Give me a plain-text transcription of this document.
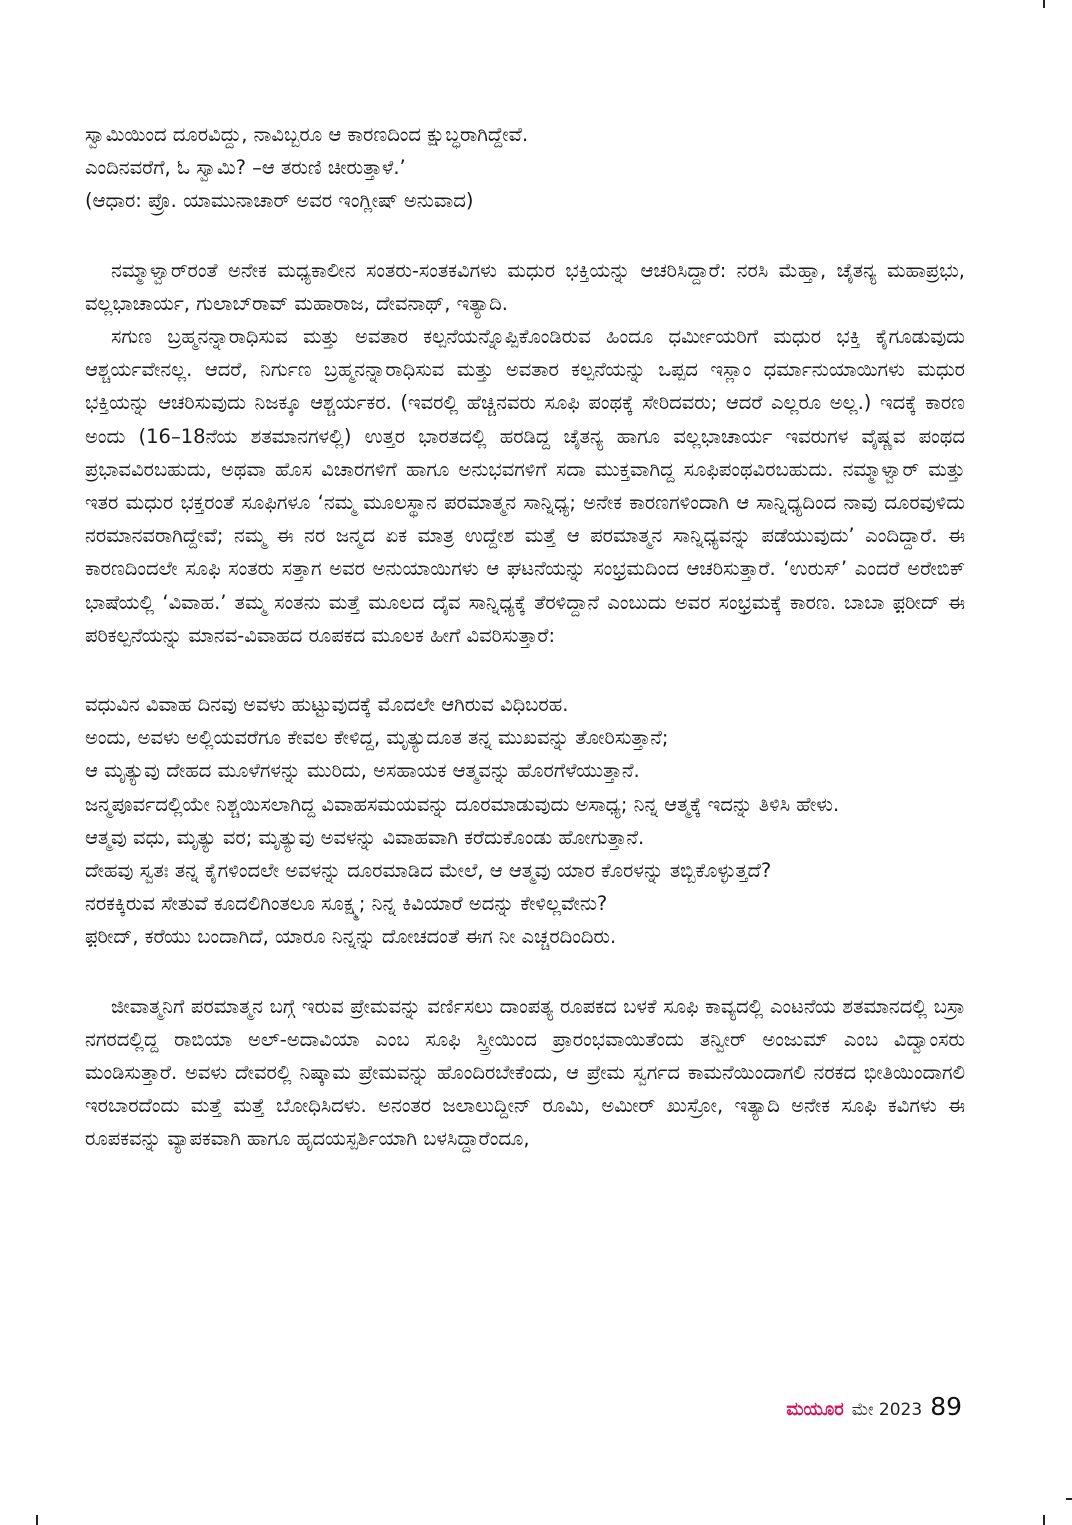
ಸ್ವಾಮಿಯಿಂದ ದೂರವಿದ್ದು, ನಾವಿಬ್ಬರೂ ಆ ಕಾರಣದಿಂದ ಕ್ಷುಬ್ಧರಾಗಿದ್ದೇವೆ.

ಎಂದಿನವರೆಗೆ, ಓ ಸ್ವಾಮಿ? –ಆ ತರುಣಿ ಚೀರುತ್ತಾಳೆ.’

(ಆಧಾರ: ಪ್ರೊ. ಯಾಮುನಾಚಾರ್ ಅವರ ಇಂಗ್ಲೀಷ್ ಅನುವಾದ)

ನಮ್ಮಾಳ್ವಾರ್‌ರಂತೆ ಅನೇಕ ಮಧ್ಯಕಾಲೀನ ಸಂತರು-ಸಂತಕವಿಗಳು ಮಧುರ ಭಕ್ತಿಯನ್ನು ಆಚರಿಸಿದ್ದಾರೆ: ನರಸಿ ಮೆಹ್ತಾ, ಚೈತನ್ಯ ಮಹಾಪ್ರಭು, ವಲ್ಲಭಾಚಾರ್ಯ, ಗುಲಾಬ್‌ರಾವ್ ಮಹಾರಾಜ, ದೇವನಾಥ್, ಇತ್ಯಾದಿ.

ಸಗುಣ ಬ್ರಹ್ಮನನ್ನಾರಾಧಿಸುವ ಮತ್ತು ಅವತಾರ ಕಲ್ಪನೆಯನ್ನೊಪ್ಪಿಕೊಂಡಿರುವ ಹಿಂದೂ ಧರ್ಮೀಯರಿಗೆ ಮಧುರ ಭಕ್ತಿ ಕೈಗೂಡುವುದು ಆಶ್ಚರ್ಯವೇನಲ್ಲ. ಆದರೆ, ನಿರ್ಗುಣ ಬ್ರಹ್ಮನನ್ನಾರಾಧಿಸುವ ಮತ್ತು ಅವತಾರ ಕಲ್ಪನೆಯನ್ನು ಒಪ್ಪದ ಇಸ್ಲಾಂ ಧರ್ಮಾನುಯಾಯಿಗಳು ಮಧುರ ಭಕ್ತಿಯನ್ನು ಆಚರಿಸುವುದು ನಿಜಕ್ಕೂ ಆಶ್ಚರ್ಯಕರ. (ಇವರಲ್ಲಿ ಹೆಚ್ಚಿನವರು ಸೂಫಿ ಪಂಥಕ್ಕೆ ಸೇರಿದವರು; ಆದರೆ ಎಲ್ಲರೂ ಅಲ್ಲ.) ಇದಕ್ಕೆ ಕಾರಣ ಅಂದು (16–18ನೆಯ ಶತಮಾನಗಳಲ್ಲಿ) ಉತ್ತರ ಭಾರತದಲ್ಲಿ ಹರಡಿದ್ದ ಚೈತನ್ಯ ಹಾಗೂ ವಲ್ಲಭಾಚಾರ್ಯ ಇವರುಗಳ ವೈಷ್ಣವ ಪಂಥದ ಪ್ರಭಾವವಿರಬಹುದು, ಅಥವಾ ಹೊಸ ವಿಚಾರಗಳಿಗೆ ಹಾಗೂ ಅನುಭವಗಳಿಗೆ ಸದಾ ಮುಕ್ತವಾಗಿದ್ದ ಸೂಫಿಪಂಥವಿರಬಹುದು. ನಮ್ಮಾಳ್ವಾರ್ ಮತ್ತು ಇತರ ಮಧುರ ಭಕ್ತರಂತೆ ಸೂಫಿಗಳೂ ‘ನಮ್ಮ ಮೂಲಸ್ಥಾನ ಪರಮಾತ್ಮನ ಸಾನ್ನಿಧ್ಯ; ಅನೇಕ ಕಾರಣಗಳಿಂದಾಗಿ ಆ ಸಾನ್ನಿಧ್ಯದಿಂದ ನಾವು ದೂರವುಳಿದು ನರಮಾನವರಾಗಿದ್ದೇವೆ; ನಮ್ಮ ಈ ನರ ಜನ್ಮದ ಏಕ ಮಾತ್ರ ಉದ್ದೇಶ ಮತ್ತೆ ಆ ಪರಮಾತ್ಮನ ಸಾನ್ನಿಧ್ಯವನ್ನು ಪಡೆಯುವುದು’ ಎಂದಿದ್ದಾರೆ. ಈ ಕಾರಣದಿಂದಲೇ ಸೂಫಿ ಸಂತರು ಸತ್ತಾಗ ಅವರ ಅನುಯಾಯಿಗಳು ಆ ಘಟನೆಯನ್ನು ಸಂಭ್ರಮದಿಂದ ಆಚರಿಸುತ್ತಾರೆ. ‘ಉರುಸ್’ ಎಂದರೆ ಅರೇಬಿಕ್ ಭಾಷೆಯಲ್ಲಿ ‘ವಿವಾಹ.’ ತಮ್ಮ ಸಂತನು ಮತ್ತೆ ಮೂಲದ ದೈವ ಸಾನ್ನಿಧ್ಯಕ್ಕೆ ತೆರಳಿದ್ದಾನೆ ಎಂಬುದು ಅವರ ಸಂಭ್ರಮಕ್ಕೆ ಕಾರಣ. ಬಾಬಾ ಫ಼ರೀದ್ ಈ ಪರಿಕಲ್ಪನೆಯನ್ನು ಮಾನವ-ವಿವಾಹದ ರೂಪಕದ ಮೂಲಕ ಹೀಗೆ ವಿವರಿಸುತ್ತಾರೆ:

ವಧುವಿನ ವಿವಾಹ ದಿನವು ಅವಳು ಹುಟ್ಟುವುದಕ್ಕೆ ಮೊದಲೇ ಆಗಿರುವ ವಿಧಿಬರಹ.

ಅಂದು, ಅವಳು ಅಲ್ಲಿಯವರೆಗೂ ಕೇವಲ ಕೇಳಿದ್ದ, ಮೃತ್ಯುದೂತ ತನ್ನ ಮುಖವನ್ನು ತೋರಿಸುತ್ತಾನೆ;

ಆ ಮೃತ್ಯುವು ದೇಹದ ಮೂಳೆಗಳನ್ನು ಮುರಿದು, ಅಸಹಾಯಕ ಆತ್ಮವನ್ನು ಹೊರಗೆಳೆಯುತ್ತಾನೆ.

ಜನ್ಮಪೂರ್ವದಲ್ಲಿಯೇ ನಿಶ್ಚಯಿಸಲಾಗಿದ್ದ ವಿವಾಹಸಮಯವನ್ನು ದೂರಮಾಡುವುದು ಅಸಾಧ್ಯ; ನಿನ್ನ ಆತ್ಮಕ್ಕೆ ಇದನ್ನು ತಿಳಿಸಿ ಹೇಳು.

ಆತ್ಮವು ವಧು, ಮೃತ್ಯು ವರ; ಮೃತ್ಯುವು ಅವಳನ್ನು ವಿವಾಹವಾಗಿ ಕರೆದುಕೊಂಡು ಹೋಗುತ್ತಾನೆ.

ದೇಹವು ಸ್ವತಃ ತನ್ನ ಕೈಗಳಿಂದಲೇ ಅವಳನ್ನು ದೂರಮಾಡಿದ ಮೇಲೆ, ಆ ಆತ್ಮವು ಯಾರ ಕೊರಳನ್ನು ತಬ್ಬಿಕೊಳ್ಳುತ್ತದೆ?

ನರಕಕ್ಕಿರುವ ಸೇತುವೆ ಕೂದಲಿಗಿಂತಲೂ ಸೂಕ್ಷ್ಮ; ನಿನ್ನ ಕಿವಿಯಾರೆ ಅದನ್ನು ಕೇಳಿಲ್ಲವೇನು?

ಫ಼ರೀದ್, ಕರೆಯು ಬಂದಾಗಿದೆ, ಯಾರೂ ನಿನ್ನನ್ನು ದೋಚದಂತೆ ಈಗ ನೀ ಎಚ್ಚರದಿಂದಿರು.

ಜೀವಾತ್ಮನಿಗೆ ಪರಮಾತ್ಮನ ಬಗ್ಗೆ ಇರುವ ಪ್ರೇಮವನ್ನು ವರ್ಣಿಸಲು ದಾಂಪತ್ಯ ರೂಪಕದ ಬಳಕೆ ಸೂಫಿ ಕಾವ್ಯದಲ್ಲಿ ಎಂಟನೆಯ ಶತಮಾನದಲ್ಲಿ ಬಸ್ರಾ ನಗರದಲ್ಲಿದ್ದ ರಾಬಿಯಾ ಅಲ್-ಅದಾವಿಯಾ ಎಂಬ ಸೂಫಿ ಸ್ತ್ರೀಯಿಂದ ಪ್ರಾರಂಭವಾಯಿತೆಂದು ತನ್ವೀರ್ ಅಂಜುಮ್ ಎಂಬ ವಿದ್ವಾಂಸರು ಮಂಡಿಸುತ್ತಾರೆ. ಅವಳು ದೇವರಲ್ಲಿ ನಿಷ್ಕಾಮ ಪ್ರೇಮವನ್ನು ಹೊಂದಿರಬೇಕೆಂದು, ಆ ಪ್ರೇಮ ಸ್ವರ್ಗದ ಕಾಮನೆಯಿಂದಾಗಲಿ ನರಕದ ಭೀತಿಯಿಂದಾಗಲಿ ಇರಬಾರದೆಂದು ಮತ್ತೆ ಮತ್ತೆ ಬೋಧಿಸಿದಳು. ಅನಂತರ ಜಲಾಲುದ್ದೀನ್ ರೂಮಿ, ಅಮೀರ್ ಖುಸ್ರೋ, ಇತ್ಯಾದಿ ಅನೇಕ ಸೂಫಿ ಕವಿಗಳು ಈ ರೂಪಕವನ್ನು ವ್ಯಾಪಕವಾಗಿ ಹಾಗೂ ಹೃದಯಸ್ಪರ್ಶಿಯಾಗಿ ಬಳಸಿದ್ದಾರೆಂದೂ,

ಮಯೂರ ಮೇ 2023 89
